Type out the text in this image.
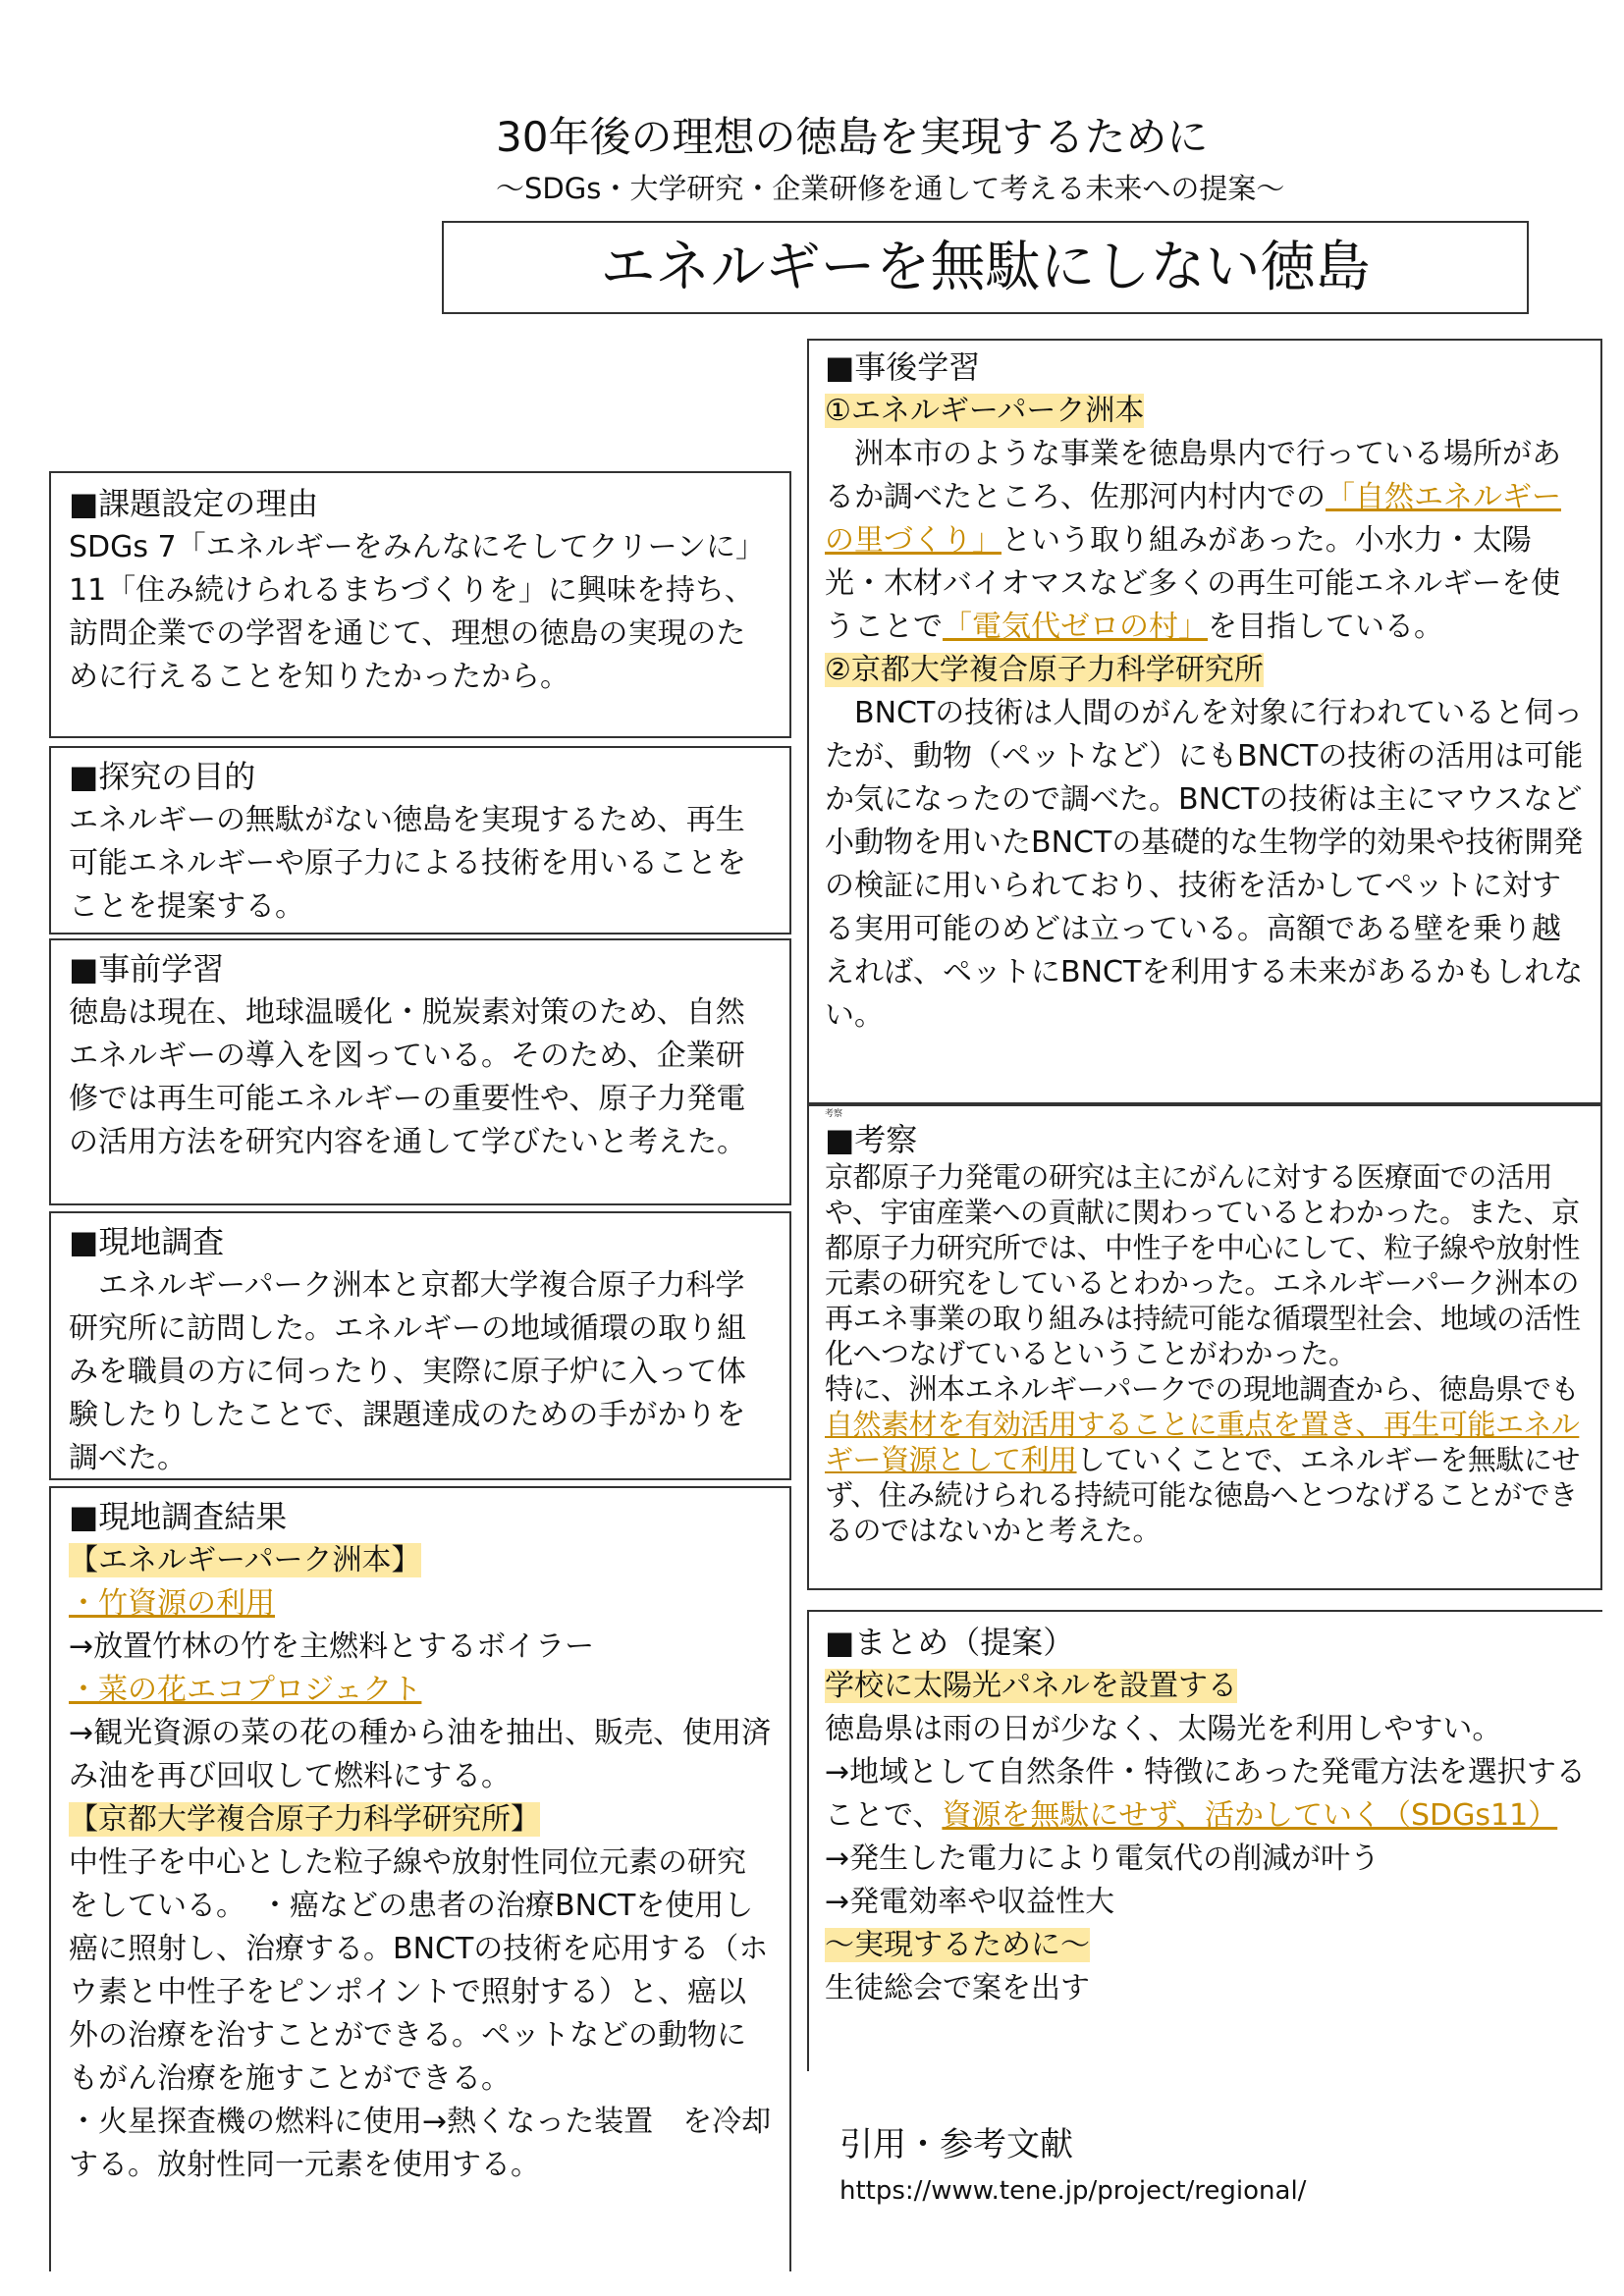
30年後の理想の徳島を実現するために
〜SDGs・大学研究・企業研修を通して考える未来への提案〜
エネルギーを無駄にしない徳島
■課題設定の理由
SDGs 7「エネルギーをみんなにそしてクリーンに」11「住み続けられるまちづくりを」に興味を持ち、訪問企業での学習を通じて、理想の徳島の実現のために行えることを知りたかったから。
■探究の目的
エネルギーの無駄がない徳島を実現するため、再生可能エネルギーや原子力による技術を用いることをことを提案する。
■事前学習
徳島は現在、地球温暖化・脱炭素対策のため、自然エネルギーの導入を図っている。そのため、企業研修では再生可能エネルギーの重要性や、原子力発電の活用方法を研究内容を通して学びたいと考えた。
■現地調査
　エネルギーパーク洲本と京都大学複合原子力科学研究所に訪問した。エネルギーの地域循環の取り組みを職員の方に伺ったり、実際に原子炉に入って体験したりしたことで、課題達成のための手がかりを調べた。
■現地調査結果
【エネルギーパーク洲本】
・竹資源の利用
→放置竹林の竹を主燃料とするボイラー
・菜の花エコプロジェクト
→観光資源の菜の花の種から油を抽出、販売、使用済み油を再び回収して燃料にする。
【京都大学複合原子力科学研究所】
中性子を中心とした粒子線や放射性同位元素の研究をしている。　・癌などの患者の治療BNCTを使用し癌に照射し、治療する。BNCTの技術を応用する（ホウ素と中性子をピンポイントで照射する）と、癌以外の治療を治すことができる。ペットなどの動物にもがん治療を施すことができる。
・火星探査機の燃料に使用→熱くなった装置　を冷却する。放射性同一元素を使用する。
■事後学習
①エネルギーパーク洲本
　洲本市のような事業を徳島県内で行っている場所があるか調べたところ、佐那河内村内での「自然エネルギーの里づくり」という取り組みがあった。小水力・太陽光・木材バイオマスなど多くの再生可能エネルギーを使うことで「電気代ゼロの村」を目指している。
②京都大学複合原子力科学研究所
　BNCTの技術は人間のがんを対象に行われていると伺ったが、動物（ペットなど）にもBNCTの技術の活用は可能か気になったので調べた。BNCTの技術は主にマウスなど小動物を用いたBNCTの基礎的な生物学的効果や技術開発の検証に用いられており、技術を活かしてペットに対する実用可能のめどは立っている。高額である壁を乗り越えれば、ペットにBNCTを利用する未来があるかもしれない。
考察
■考察
京都原子力発電の研究は主にがんに対する医療面での活用や、宇宙産業への貢献に関わっているとわかった。また、京都原子力研究所では、中性子を中心にして、粒子線や放射性元素の研究をしているとわかった。エネルギーパーク洲本の再エネ事業の取り組みは持続可能な循環型社会、地域の活性化へつなげているということがわかった。
特に、洲本エネルギーパークでの現地調査から、徳島県でも自然素材を有効活用することに重点を置き、再生可能エネルギー資源として利用していくことで、エネルギーを無駄にせず、住み続けられる持続可能な徳島へとつなげることができるのではないかと考えた。
■まとめ（提案）
学校に太陽光パネルを設置する
徳島県は雨の日が少なく、太陽光を利用しやすい。
→地域として自然条件・特徴にあった発電方法を選択することで、資源を無駄にせず、活かしていく（SDGs11）
→発生した電力により電気代の削減が叶う
→発電効率や収益性大
〜実現するために〜
生徒総会で案を出す
引用・参考文献
https://www.tene.jp/project/regional/
